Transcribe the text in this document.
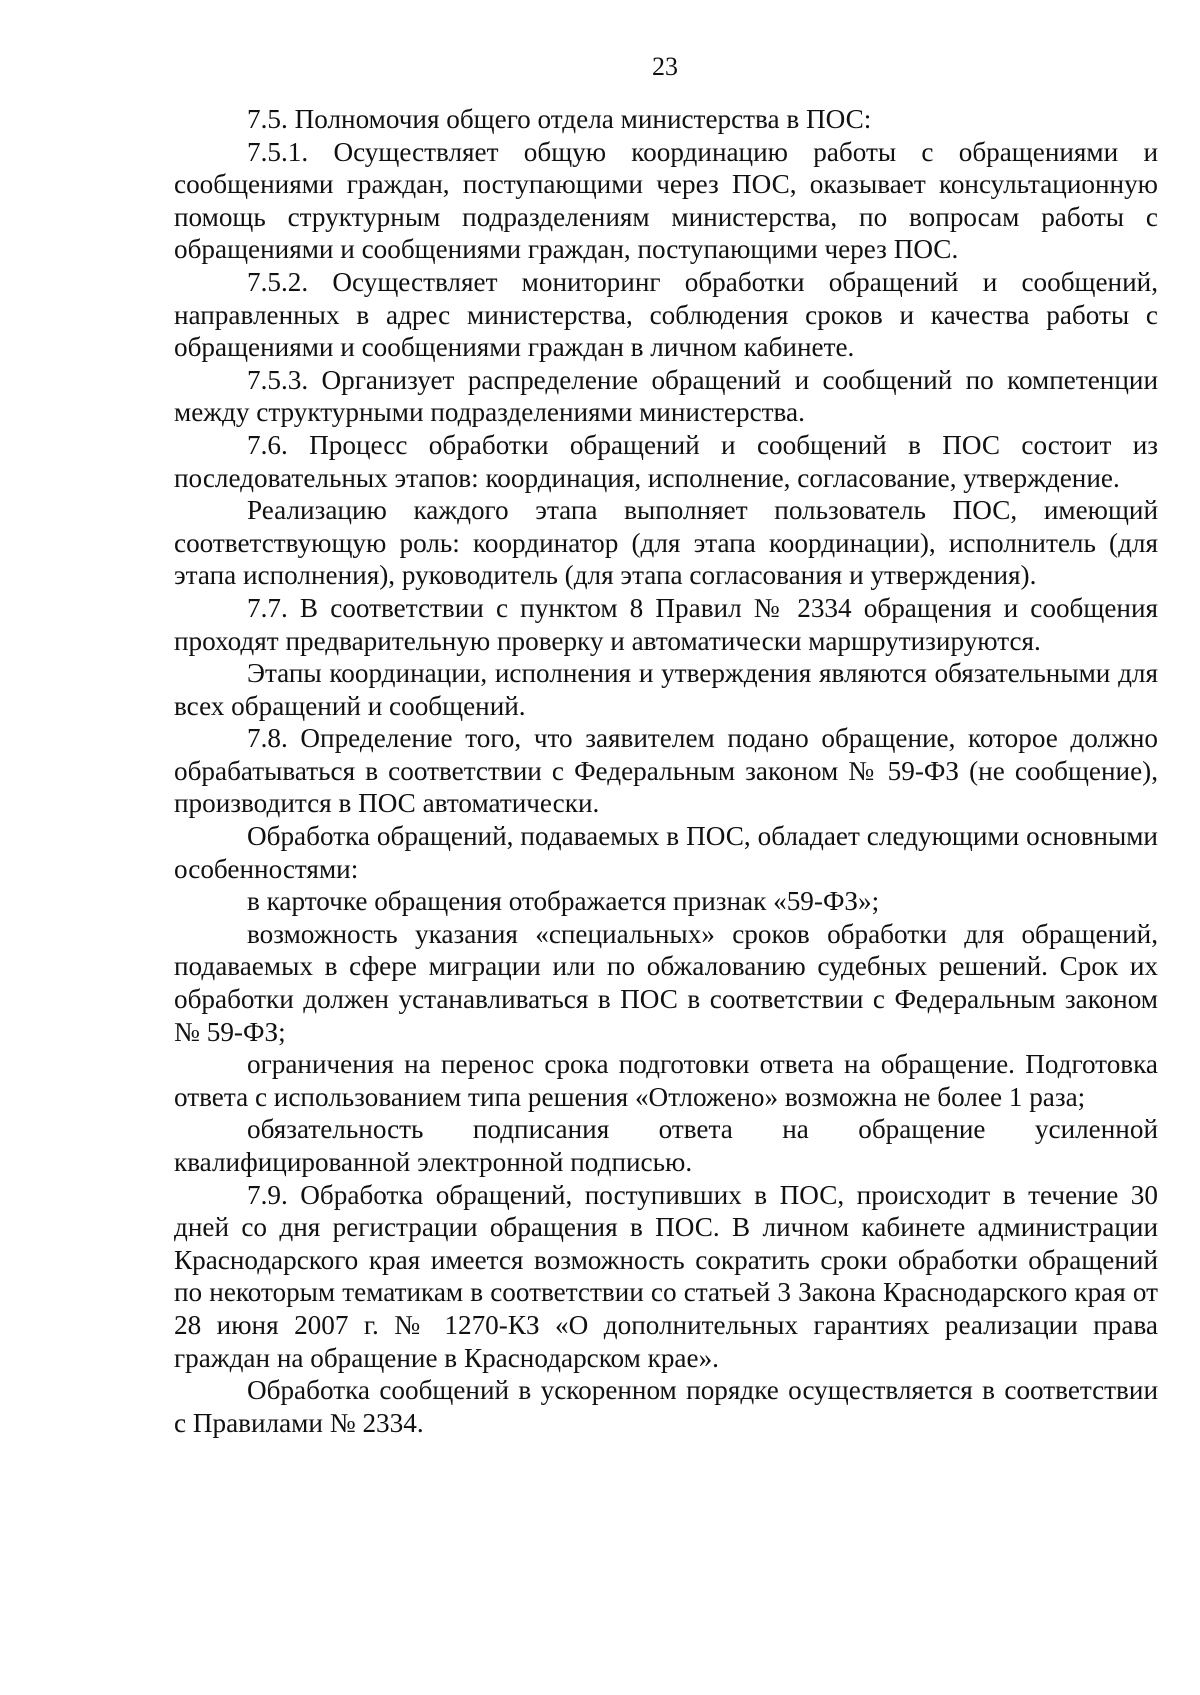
23

7.5. Полномочия общего отдела министерства в ПОС:

7.5.1. Осуществляет общую координацию работы с обращениями и сообщениями граждан, поступающими через ПОС, оказывает консультационную помощь структурным подразделениям министерства, по вопросам работы с обращениями и сообщениями граждан, поступающими через ПОС.

7.5.2. Осуществляет мониторинг обработки обращений и сообщений, направленных в адрес министерства, соблюдения сроков и качества работы с обращениями и сообщениями граждан в личном кабинете.

7.5.3. Организует распределение обращений и сообщений по компетенции между структурными подразделениями министерства.

7.6. Процесс обработки обращений и сообщений в ПОС состоит из последовательных этапов: координация, исполнение, согласование, утверждение.

Реализацию каждого этапа выполняет пользователь ПОС, имеющий соответствующую роль: координатор (для этапа координации), исполнитель (для этапа исполнения), руководитель (для этапа согласования и утверждения).

7.7. В соответствии с пунктом 8 Правил № 2334 обращения и сообщения проходят предварительную проверку и автоматически маршрутизируются.

Этапы координации, исполнения и утверждения являются обязательными для всех обращений и сообщений.

7.8. Определение того, что заявителем подано обращение, которое должно обрабатываться в соответствии с Федеральным законом № 59-ФЗ (не сообщение), производится в ПОС автоматически.

Обработка обращений, подаваемых в ПОС, обладает следующими основными особенностями:

в карточке обращения отображается признак «59-ФЗ»;

возможность указания «специальных» сроков обработки для обращений, подаваемых в сфере миграции или по обжалованию судебных решений. Срок их обработки должен устанавливаться в ПОС в соответствии с Федеральным законом № 59-ФЗ;

ограничения на перенос срока подготовки ответа на обращение. Подготовка ответа с использованием типа решения «Отложено» возможна не более 1 раза;

обязательность подписания ответа на обращение усиленной квалифицированной электронной подписью.

7.9. Обработка обращений, поступивших в ПОС, происходит в течение 30 дней со дня регистрации обращения в ПОС. В личном кабинете администрации Краснодарского края имеется возможность сократить сроки обработки обращений по некоторым тематикам в соответствии со статьей 3 Закона Краснодарского края от 28 июня 2007 г. № 1270-КЗ «О дополнительных гарантиях реализации права граждан на обращение в Краснодарском крае».

Обработка сообщений в ускоренном порядке осуществляется в соответствии с Правилами № 2334.
